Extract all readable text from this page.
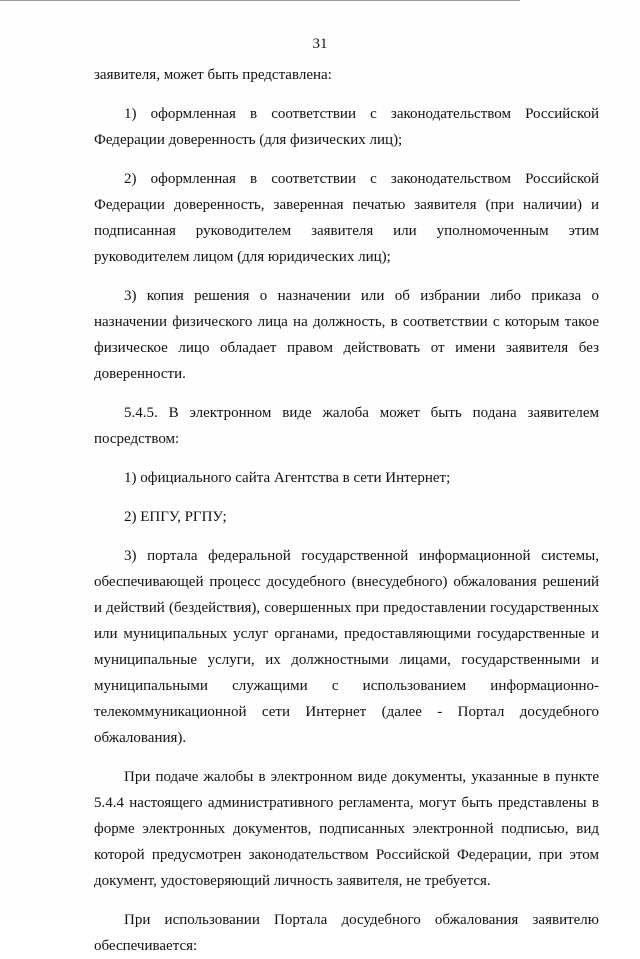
31

заявителя, может быть представлена:

1) оформленная в соответствии с законодательством Российской Федерации доверенность (для физических лиц);

2) оформленная в соответствии с законодательством Российской Федерации доверенность, заверенная печатью заявителя (при наличии) и подписанная руководителем заявителя или уполномоченным этим руководителем лицом (для юридических лиц);

3) копия решения о назначении или об избрании либо приказа о назначении физического лица на должность, в соответствии с которым такое физическое лицо обладает правом действовать от имени заявителя без доверенности.

5.4.5. В электронном виде жалоба может быть подана заявителем посредством:

1) официального сайта Агентства в сети Интернет;

2) ЕПГУ, РГПУ;

3) портала федеральной государственной информационной системы, обеспечивающей процесс досудебного (внесудебного) обжалования решений и действий (бездействия), совершенных при предоставлении государственных или муниципальных услуг органами, предоставляющими государственные и муниципальные услуги, их должностными лицами, государственными и муниципальными служащими с использованием информационно-телекоммуникационной сети Интернет (далее - Портал досудебного обжалования).

При подаче жалобы в электронном виде документы, указанные в пункте 5.4.4 настоящего административного регламента, могут быть представлены в форме электронных документов, подписанных электронной подписью, вид которой предусмотрен законодательством Российской Федерации, при этом документ, удостоверяющий личность заявителя, не требуется.

При использовании Портала досудебного обжалования заявителю обеспечивается:
